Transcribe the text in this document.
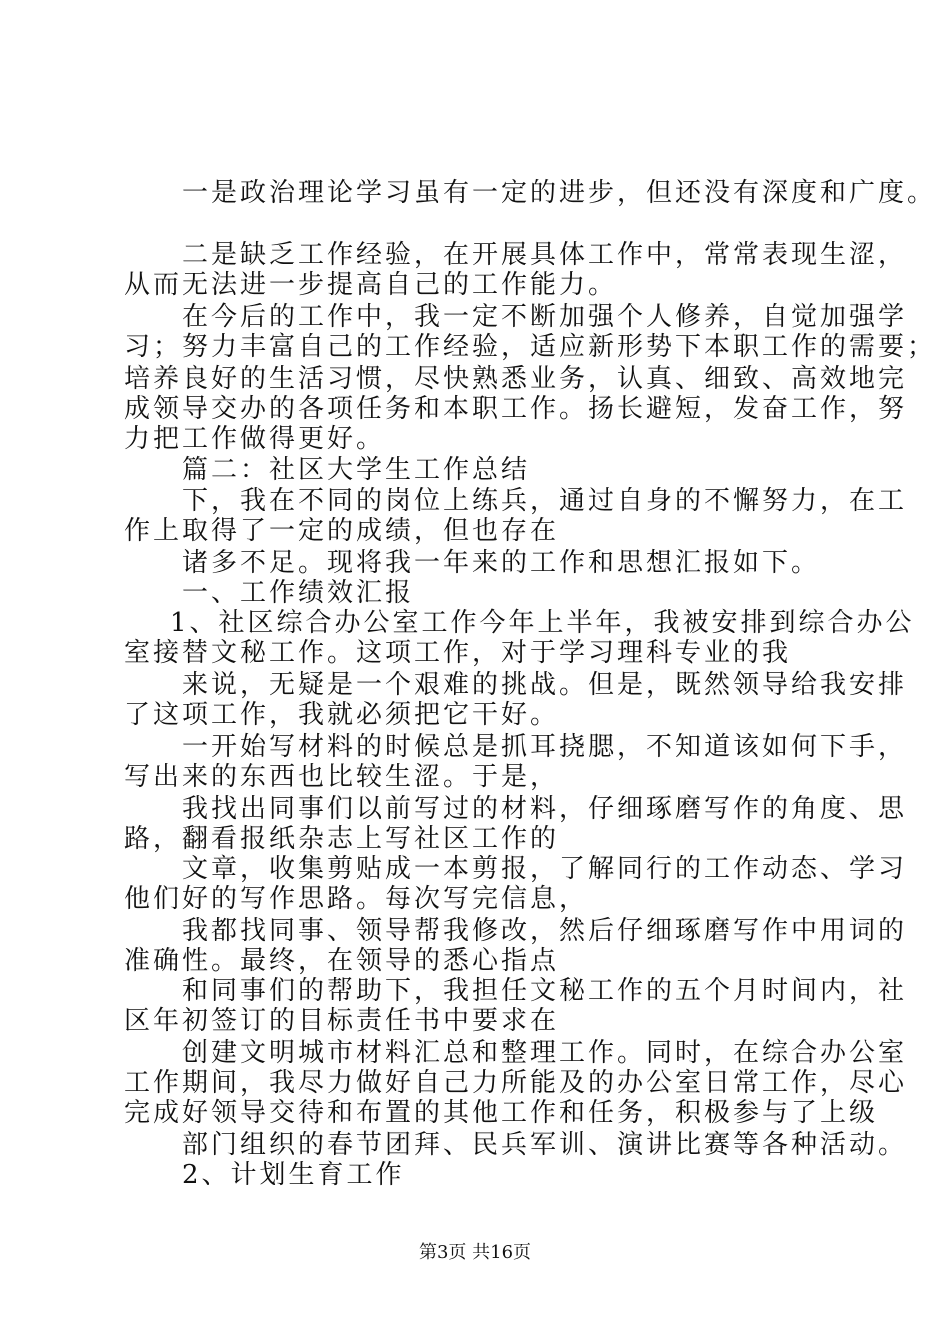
一是政治理论学习虽有一定的进步，但还没有深度和广度。
二是缺乏工作经验，在开展具体工作中，常常表现生涩，
从而无法进一步提高自己的工作能力。
在今后的工作中，我一定不断加强个人修养，自觉加强学
习；努力丰富自己的工作经验，适应新形势下本职工作的需要；
培养良好的生活习惯，尽快熟悉业务，认真、细致、高效地完
成领导交办的各项任务和本职工作。扬长避短，发奋工作，努
力把工作做得更好。
篇二：社区大学生工作总结
下，我在不同的岗位上练兵，通过自身的不懈努力，在工
作上取得了一定的成绩，但也存在
诸多不足。现将我一年来的工作和思想汇报如下。
一、工作绩效汇报
1、社区综合办公室工作今年上半年，我被安排到综合办公
室接替文秘工作。这项工作，对于学习理科专业的我
来说，无疑是一个艰难的挑战。但是，既然领导给我安排
了这项工作，我就必须把它干好。
一开始写材料的时候总是抓耳挠腮，不知道该如何下手，
写出来的东西也比较生涩。于是，
我找出同事们以前写过的材料，仔细琢磨写作的角度、思
路，翻看报纸杂志上写社区工作的
文章，收集剪贴成一本剪报，了解同行的工作动态、学习
他们好的写作思路。每次写完信息，
我都找同事、领导帮我修改，然后仔细琢磨写作中用词的
准确性。最终，在领导的悉心指点
和同事们的帮助下，我担任文秘工作的五个月时间内，社
区年初签订的目标责任书中要求在
创建文明城市材料汇总和整理工作。同时，在综合办公室
工作期间，我尽力做好自己力所能及的办公室日常工作，尽心
完成好领导交待和布置的其他工作和任务，积极参与了上级
部门组织的春节团拜、民兵军训、演讲比赛等各种活动。
2、计划生育工作
第3页 共16页
